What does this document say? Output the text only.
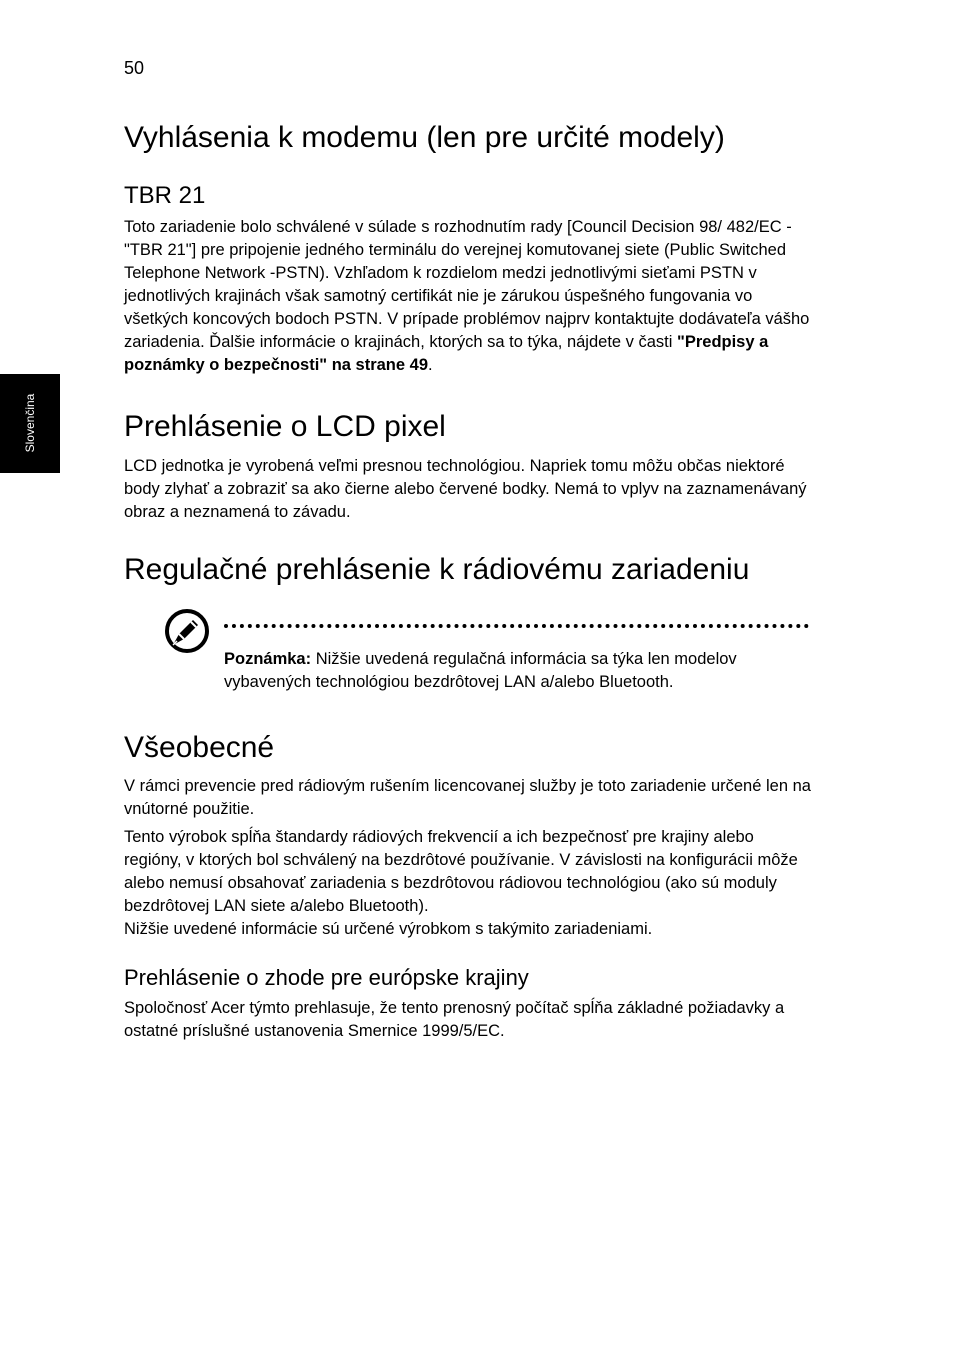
50
Slovenčina
Vyhlásenia k modemu (len pre určité modely)
TBR 21

Toto zariadenie bolo schválené v súlade s rozhodnutím rady [Council Decision 98/ 482/EC - "TBR 21"] pre pripojenie jedného terminálu do verejnej komutovanej siete (Public Switched Telephone Network -PSTN). Vzhľadom k rozdielom medzi jednotlivými sieťami PSTN v jednotlivých krajinách však samotný certifikát nie je zárukou úspešného fungovania vo všetkých koncových bodoch PSTN. V prípade problémov najprv kontaktujte dodávateľa vášho zariadenia. Ďalšie informácie o krajinách, ktorých sa to týka, nájdete v časti "Predpisy a poznámky o bezpečnosti" na strane 49.

Prehlásenie o LCD pixel

LCD jednotka je vyrobená veľmi presnou technológiou. Napriek tomu môžu občas niektoré body zlyhať a zobraziť sa ako čierne alebo červené bodky. Nemá to vplyv na zaznamenávaný obraz a neznamená to závadu.

Regulačné prehlásenie k rádiovému zariadeniu

Poznámka: Nižšie uvedená regulačná informácia sa týka len modelov vybavených technológiou bezdrôtovej LAN a/alebo Bluetooth.

Všeobecné

V rámci prevencie pred rádiovým rušením licencovanej služby je toto zariadenie určené len na vnútorné použitie.

Tento výrobok spĺňa štandardy rádiových frekvencií a ich bezpečnosť pre krajiny alebo regióny, v ktorých bol schválený na bezdrôtové používanie. V závislosti na konfigurácii môže alebo nemusí obsahovať zariadenia s bezdrôtovou rádiovou technológiou (ako sú moduly bezdrôtovej LAN siete a/alebo Bluetooth).

Nižšie uvedené informácie sú určené výrobkom s takýmito zariadeniami.

Prehlásenie o zhode pre európske krajiny

Spoločnosť Acer týmto prehlasuje, že tento prenosný počítač spĺňa základné požiadavky a ostatné príslušné ustanovenia Smernice 1999/5/EC.
